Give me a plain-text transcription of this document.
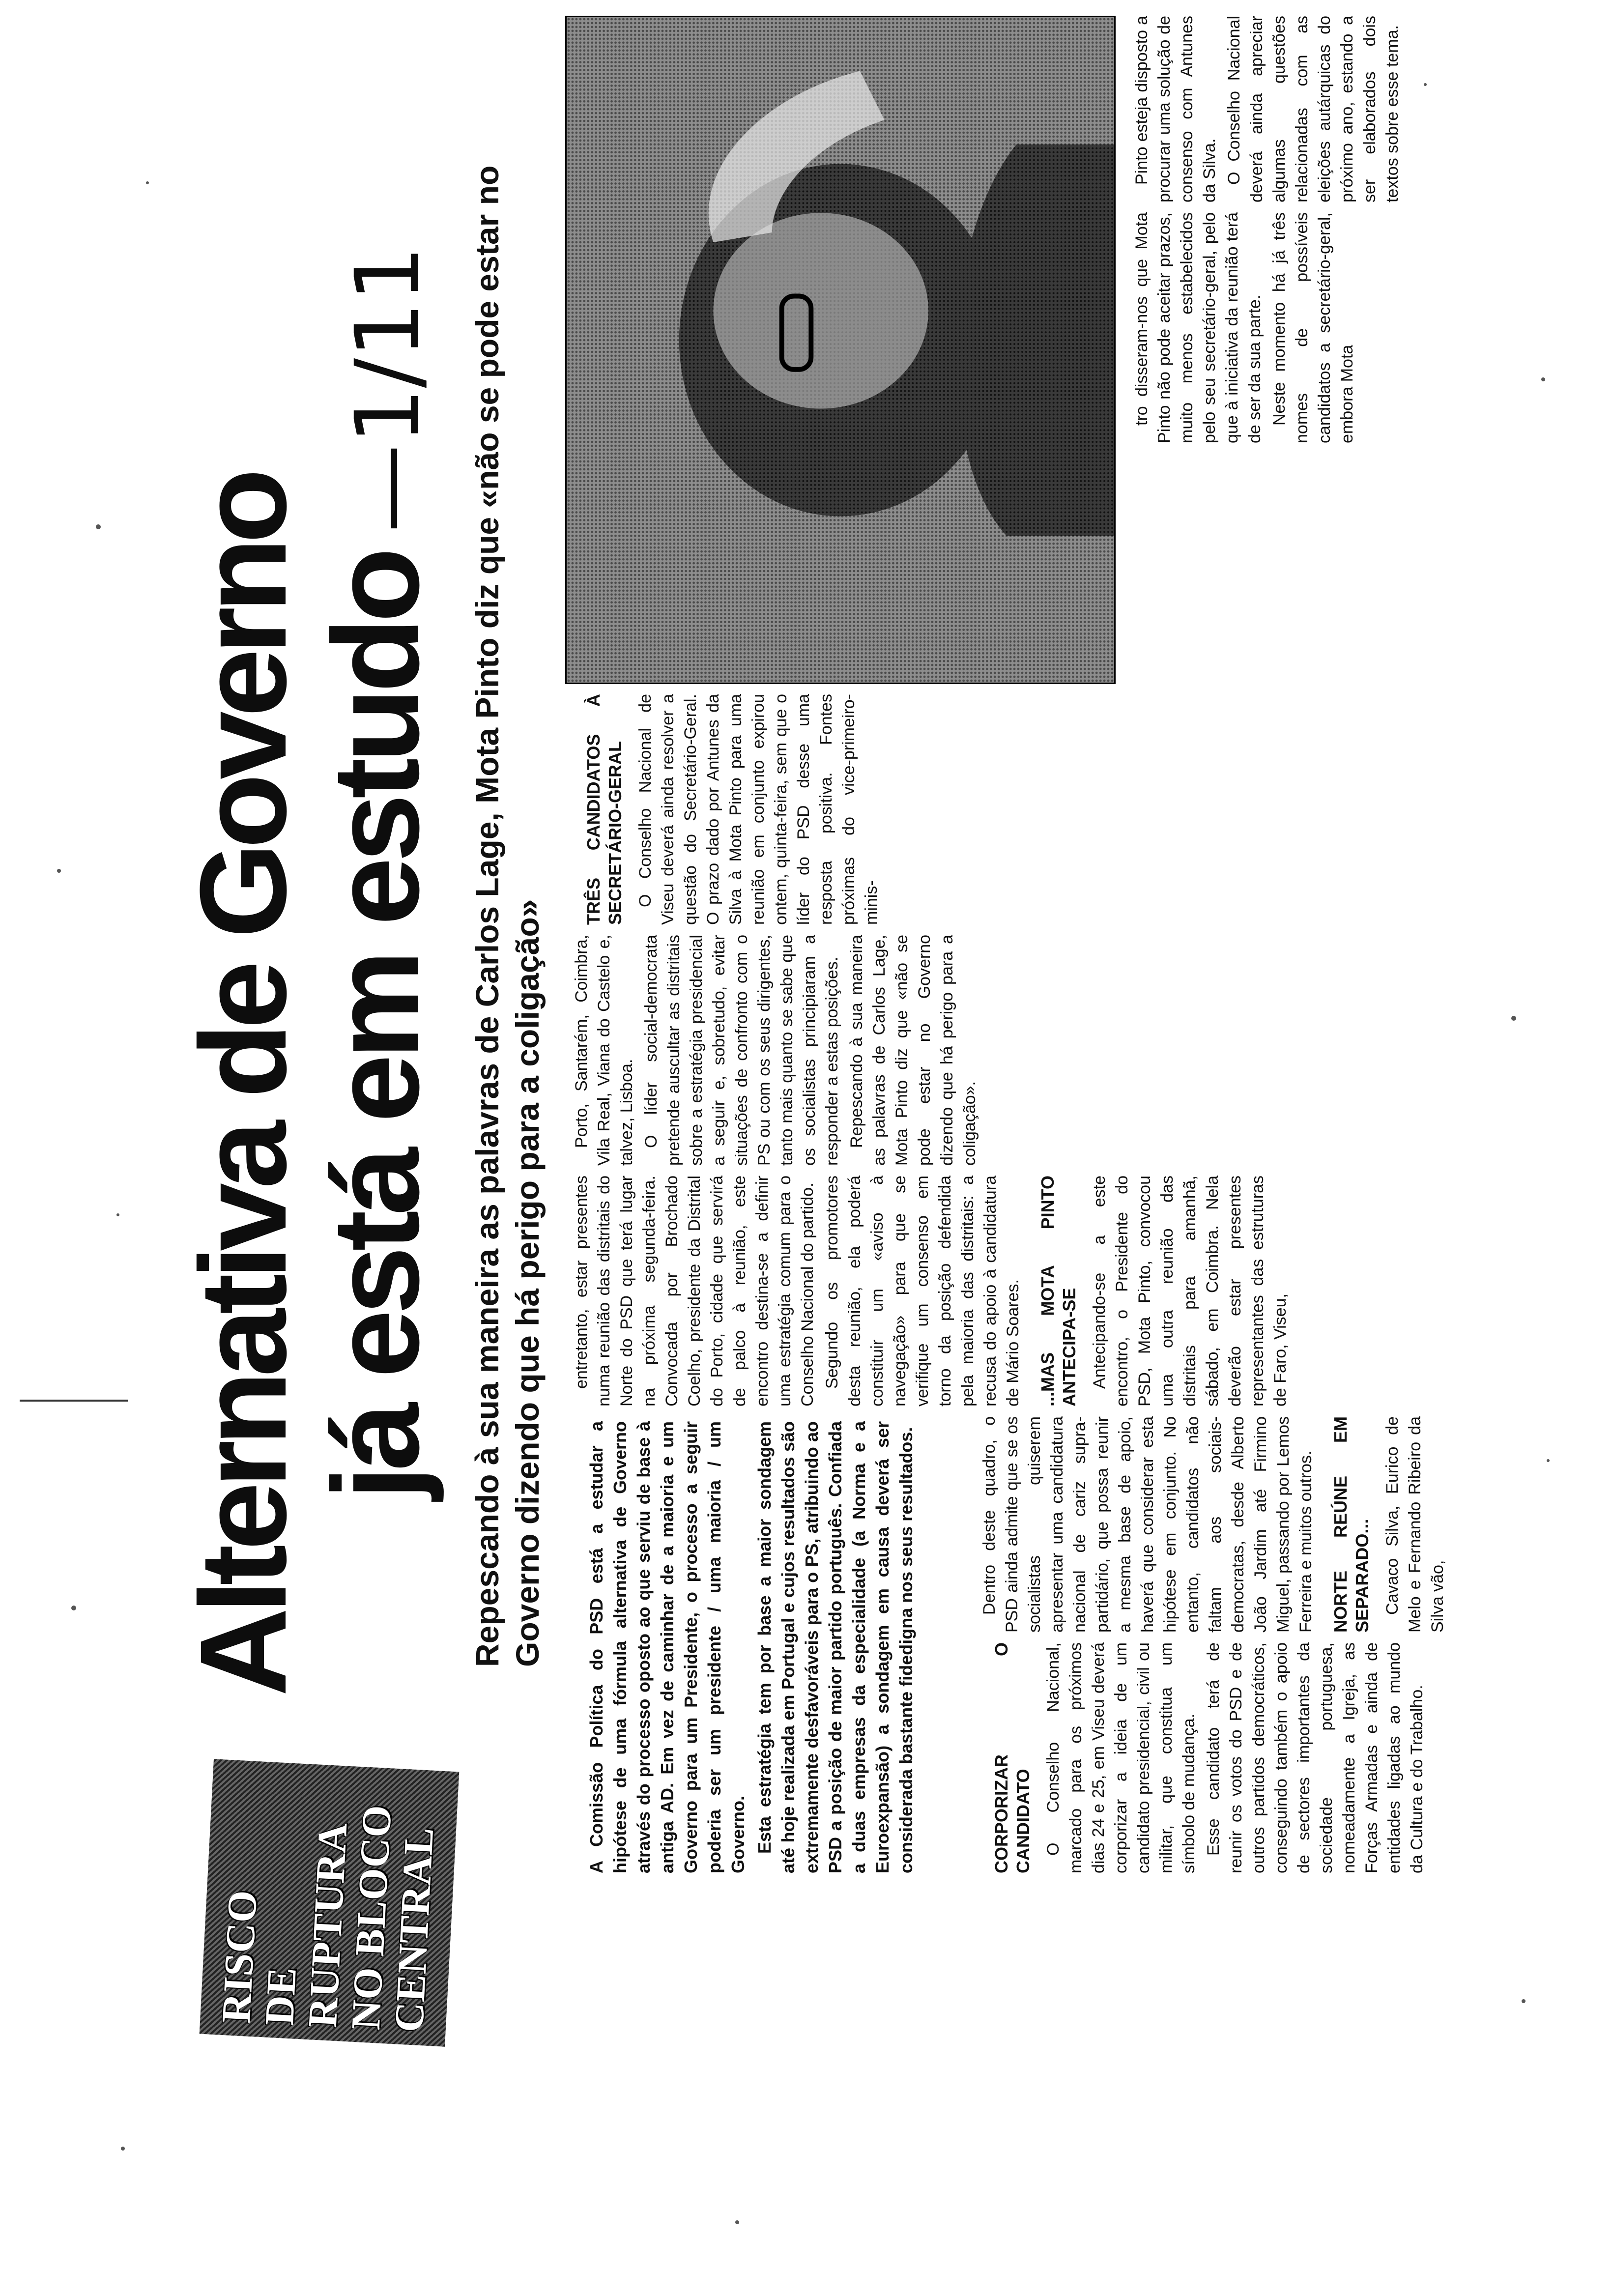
RISCO
DE
RUPTURA
NO BLOCO
CENTRAL
Alternativa de Governo
já está em estudo—1/11 Repescando à sua maneira as palavras de Carlos Lage, Mota Pinto diz que «não se pode estar no Governo dizendo que há perigo para a coligação» A Comissão Política do PSD está a estudar a hipótese de uma fórmula alternativa de Governo através do processo oposto ao que serviu de base à antiga AD. Em vez de caminhar de a maioria e um Governo para um Presidente, o processo a seguir poderia ser um presidente / uma maioria / um Governo. Esta estratégia tem por base a maior sondagem até hoje realizada em Portugal e cujos resultados são extremamente desfavoráveis para o PS, atribuindo ao PSD a posição de maior partido português. Confiada a duas empresas da especialidade (a Norma e a Euroexpansão) a sondagem em causa deverá ser considerada bastante fidedigna nos seus resultados.	CORPORIZAR O CANDIDATO O Conselho Nacional, marcado para os próximos dias 24 e 25, em Viseu deverá corporizar a ideia de um candidato presidencial, civil ou militar, que constitua um símbolo de mudança. Esse candidato terá de reunir os votos do PSD e de outros partidos democráticos, conseguindo também o apoio de sectores importantes da sociedade portuguesa, nomeadamente a Igreja, as Forças Armadas e ainda de entidades ligadas ao mundo da Cultura e do Trabalho.

Dentro deste quadro, o PSD ainda admite que se os socialistas quiserem apresentar uma candidatura nacional de cariz supra-partidário, que possa reunir a mesma base de apoio, haverá que considerar esta hipótese em conjunto. No entanto, candidatos não faltam aos sociais-democratas, desde Alberto João Jardim até Firmino Miguel, passando por Lemos Ferreira e muitos outros. NORTE REÚNE EM SEPARADO... Cavaco Silva, Eurico de Melo e Fernando Ribeiro da Silva vão,

entretanto, estar presentes numa reunião das distritais do Norte do PSD que terá lugar na próxima segunda-feira. Convocada por Brochado Coelho, presidente da Distrital do Porto, cidade que servirá de palco à reunião, este encontro destina-se a definir uma estratégia comum para o Conselho Nacional do partido. Segundo os promotores desta reunião, ela poderá constituir um «aviso à navegação» para que se verifique um consenso em torno da posição defendida pela maioria das distritais: a recusa do apoio à candidatura de Mário Soares. ...MAS MOTA PINTO ANTECIPA-SE Antecipando-se a este encontro, o Presidente do PSD, Mota Pinto, convocou uma outra reunião das distritais para amanhã, sábado, em Coimbra. Nela deverão estar presentes representantes das estruturas de Faro, Viseu,

Porto, Santarém, Coimbra, Vila Real, Viana do Castelo e, talvez, Lisboa. O líder social-democrata pretende auscultar as distritais sobre a estratégia presidencial a seguir e, sobretudo, evitar situações de confronto com o PS ou com os seus dirigentes, tanto mais quanto se sabe que os socialistas principiaram a responder a estas posições. Repescando à sua maneira as palavras de Carlos Lage, Mota Pinto diz que «não se pode estar no Governo dizendo que há perigo para a coligação».

TRÊS CANDIDATOS À SECRETÁRIO-GERAL O Conselho Nacional de Viseu deverá ainda resolver a questão do Secretário-Geral. O prazo dado por Antunes da Silva à Mota Pinto para uma reunião em conjunto expirou ontem, quinta-feira, sem que o líder do PSD desse uma resposta positiva. Fontes próximas do vice-primeiro-minis-

tro disseram-nos que Mota Pinto não pode aceitar prazos, muito menos estabelecidos pelo seu secretário-geral, pelo que à iniciativa da reunião terá de ser da sua parte. Neste momento há já três nomes de possíveis candidatos a secretário-geral, embora Mota

Pinto esteja disposto a procurar uma solução de consenso com Antunes da Silva. O Conselho Nacional deverá ainda apreciar algumas questões relacionadas com as eleições autárquicas do próximo ano, estando a ser elaborados dois textos sobre esse tema.
